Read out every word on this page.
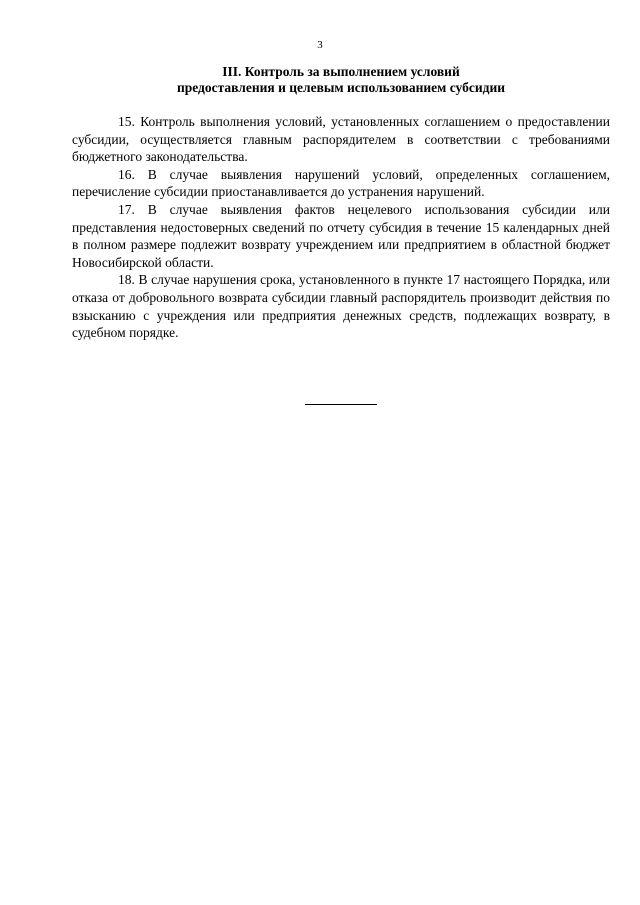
3
III. Контроль за выполнением условий
предоставления и целевым использованием субсидии

15. Контроль выполнения условий, установленных соглашением о предоставлении субсидии, осуществляется главным распорядителем в соответствии с требованиями бюджетного законодательства.

16. В случае выявления нарушений условий, определенных соглашением, перечисление субсидии приостанавливается до устранения нарушений.

17. В случае выявления фактов нецелевого использования субсидии или представления недостоверных сведений по отчету субсидия в течение 15 календарных дней в полном размере подлежит возврату учреждением или предприятием в областной бюджет Новосибирской области.

18. В случае нарушения срока, установленного в пункте 17 настоящего Порядка, или отказа от добровольного возврата субсидии главный распорядитель производит действия по взысканию с учреждения или предприятия денежных средств, подлежащих возврату, в судебном порядке.
